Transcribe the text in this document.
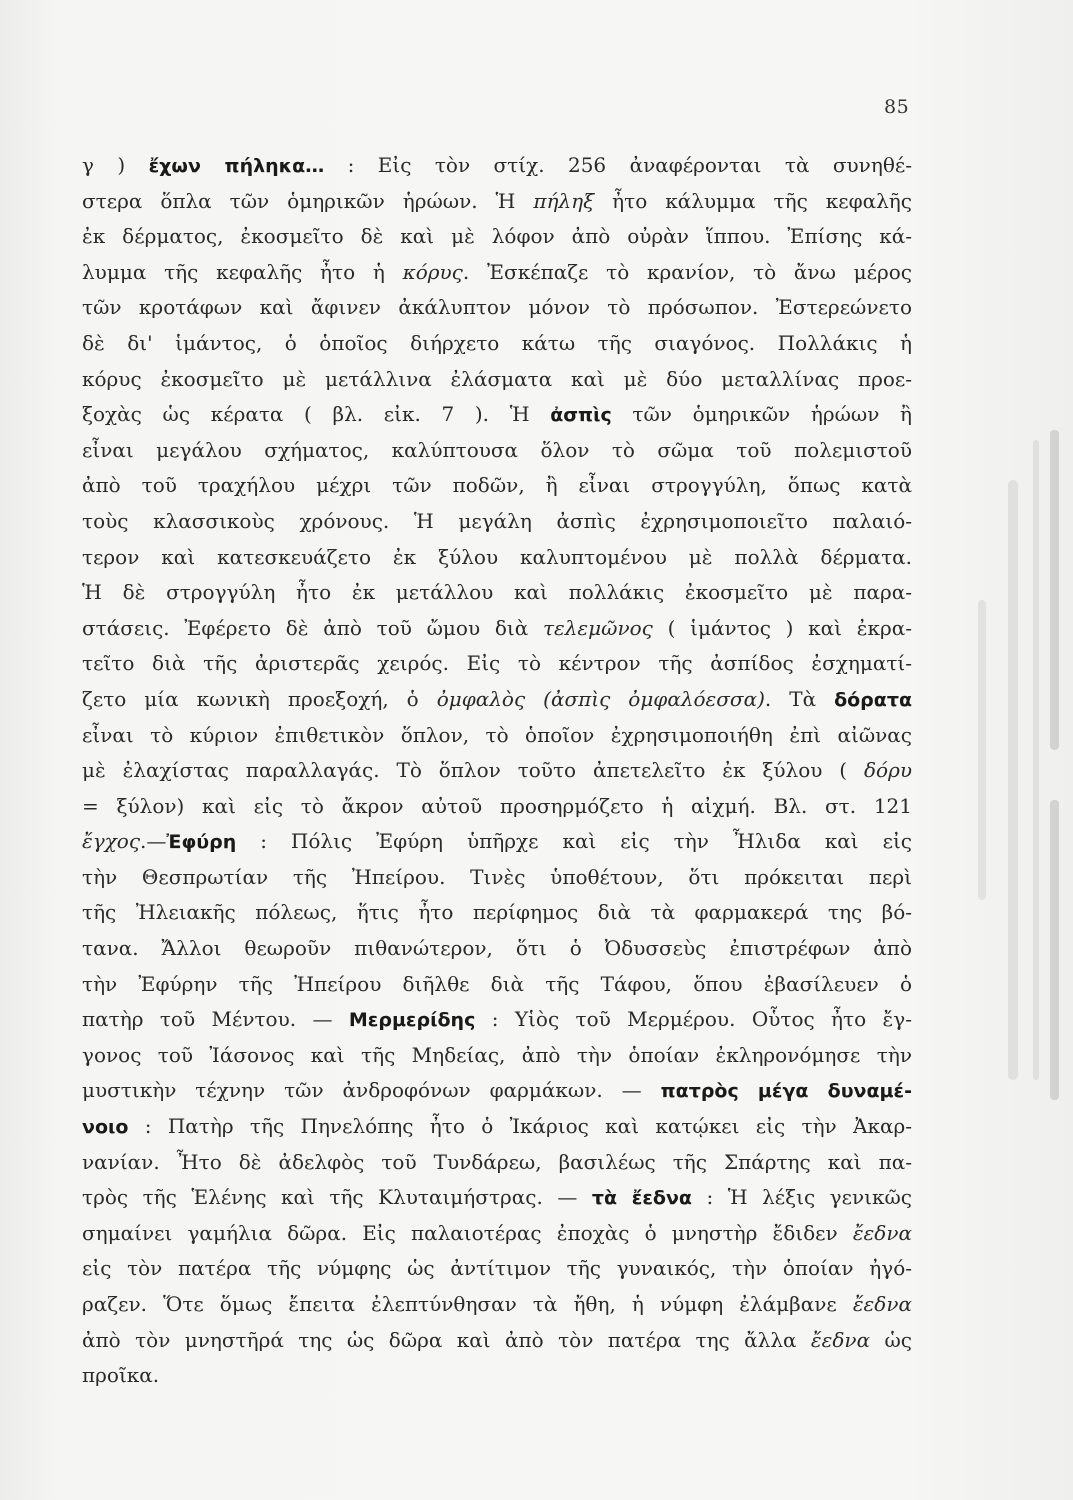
85
γ ) ἔχων πήληκα… : Εἰς τὸν στίχ. 256 ἀναφέρονται τὰ συνηθέ-
στερα ὅπλα τῶν ὁμηρικῶν ἡρώων. Ἡ πήληξ ἦτο κάλυμμα τῆς κεφαλῆς
ἐκ δέρματος, ἐκοσμεῖτο δὲ καὶ μὲ λόφον ἀπὸ οὐρὰν ἵππου. Ἐπίσης κά-
λυμμα τῆς κεφαλῆς ἦτο ἡ κόρυς. Ἐσκέπαζε τὸ κρανίον, τὸ ἄνω μέρος
τῶν κροτάφων καὶ ἄφινεν ἀκάλυπτον μόνον τὸ πρόσωπον. Ἐστερεώνετο
δὲ δι' ἱμάντος, ὁ ὁποῖος διήρχετο κάτω τῆς σιαγόνος. Πολλάκις ἡ
κόρυς ἐκοσμεῖτο μὲ μετάλλινα ἐλάσματα καὶ μὲ δύο μεταλλίνας προε-
ξοχὰς ὡς κέρατα ( βλ. εἰκ. 7 ). Ἡ ἀσπὶς τῶν ὁμηρικῶν ἡρώων ἢ
εἶναι μεγάλου σχήματος, καλύπτουσα ὅλον τὸ σῶμα τοῦ πολεμιστοῦ
ἀπὸ τοῦ τραχήλου μέχρι τῶν ποδῶν, ἢ εἶναι στρογγύλη, ὅπως κατὰ
τοὺς κλασσικοὺς χρόνους. Ἡ μεγάλη ἀσπὶς ἐχρησιμοποιεῖτο παλαιό-
τερον καὶ κατεσκευάζετο ἐκ ξύλου καλυπτομένου μὲ πολλὰ δέρματα.
Ἡ δὲ στρογγύλη ἦτο ἐκ μετάλλου καὶ πολλάκις ἐκοσμεῖτο μὲ παρα-
στάσεις. Ἐφέρετο δὲ ἀπὸ τοῦ ὤμου διὰ τελεμῶνος ( ἱμάντος ) καὶ ἐκρα-
τεῖτο διὰ τῆς ἀριστερᾶς χειρός. Εἰς τὸ κέντρον τῆς ἀσπίδος ἐσχηματί-
ζετο μία κωνικὴ προεξοχή, ὁ ὀμφαλὸς (ἀσπὶς ὀμφαλόεσσα). Τὰ δόρατα
εἶναι τὸ κύριον ἐπιθετικὸν ὅπλον, τὸ ὁποῖον ἐχρησιμοποιήθη ἐπὶ αἰῶνας
μὲ ἐλαχίστας παραλλαγάς. Τὸ ὅπλον τοῦτο ἀπετελεῖτο ἐκ ξύλου ( δόρυ
= ξύλον) καὶ εἰς τὸ ἄκρον αὐτοῦ προσηρμόζετο ἡ αἰχμή. Βλ. στ. 121
ἔγχος.—Ἐφύρη : Πόλις Ἐφύρη ὑπῆρχε καὶ εἰς τὴν Ἦλιδα καὶ εἰς
τὴν Θεσπρωτίαν τῆς Ἠπείρου. Τινὲς ὑποθέτουν, ὅτι πρόκειται περὶ
τῆς Ἠλειακῆς πόλεως, ἥτις ἦτο περίφημος διὰ τὰ φαρμακερά της βό-
τανα. Ἄλλοι θεωροῦν πιθανώτερον, ὅτι ὁ Ὀδυσσεὺς ἐπιστρέφων ἀπὸ
τὴν Ἐφύρην τῆς Ἠπείρου διῆλθε διὰ τῆς Τάφου, ὅπου ἐβασίλευεν ὁ
πατὴρ τοῦ Μέντου. — Μερμερίδης : Υἱὸς τοῦ Μερμέρου. Οὗτος ἦτο ἔγ-
γονος τοῦ Ἰάσονος καὶ τῆς Μηδείας, ἀπὸ τὴν ὁποίαν ἐκληρονόμησε τὴν
μυστικὴν τέχνην τῶν ἀνδροφόνων φαρμάκων. — πατρὸς μέγα δυναμέ-
νοιο : Πατὴρ τῆς Πηνελόπης ἦτο ὁ Ἰκάριος καὶ κατῴκει εἰς τὴν Ἀκαρ-
νανίαν. Ἦτο δὲ ἀδελφὸς τοῦ Τυνδάρεω, βασιλέως τῆς Σπάρτης καὶ πα-
τρὸς τῆς Ἑλένης καὶ τῆς Κλυταιμήστρας. — τὰ ἔεδνα : Ἡ λέξις γενικῶς
σημαίνει γαμήλια δῶρα. Εἰς παλαιοτέρας ἐποχὰς ὁ μνηστὴρ ἔδιδεν ἔεδνα
εἰς τὸν πατέρα τῆς νύμφης ὡς ἀντίτιμον τῆς γυναικός, τὴν ὁποίαν ἠγό-
ραζεν. Ὅτε ὅμως ἔπειτα ἐλεπτύνθησαν τὰ ἤθη, ἡ νύμφη ἐλάμβανε ἔεδνα
ἀπὸ τὸν μνηστῆρά της ὡς δῶρα καὶ ἀπὸ τὸν πατέρα της ἄλλα ἔεδνα ὡς
προῖκα.
